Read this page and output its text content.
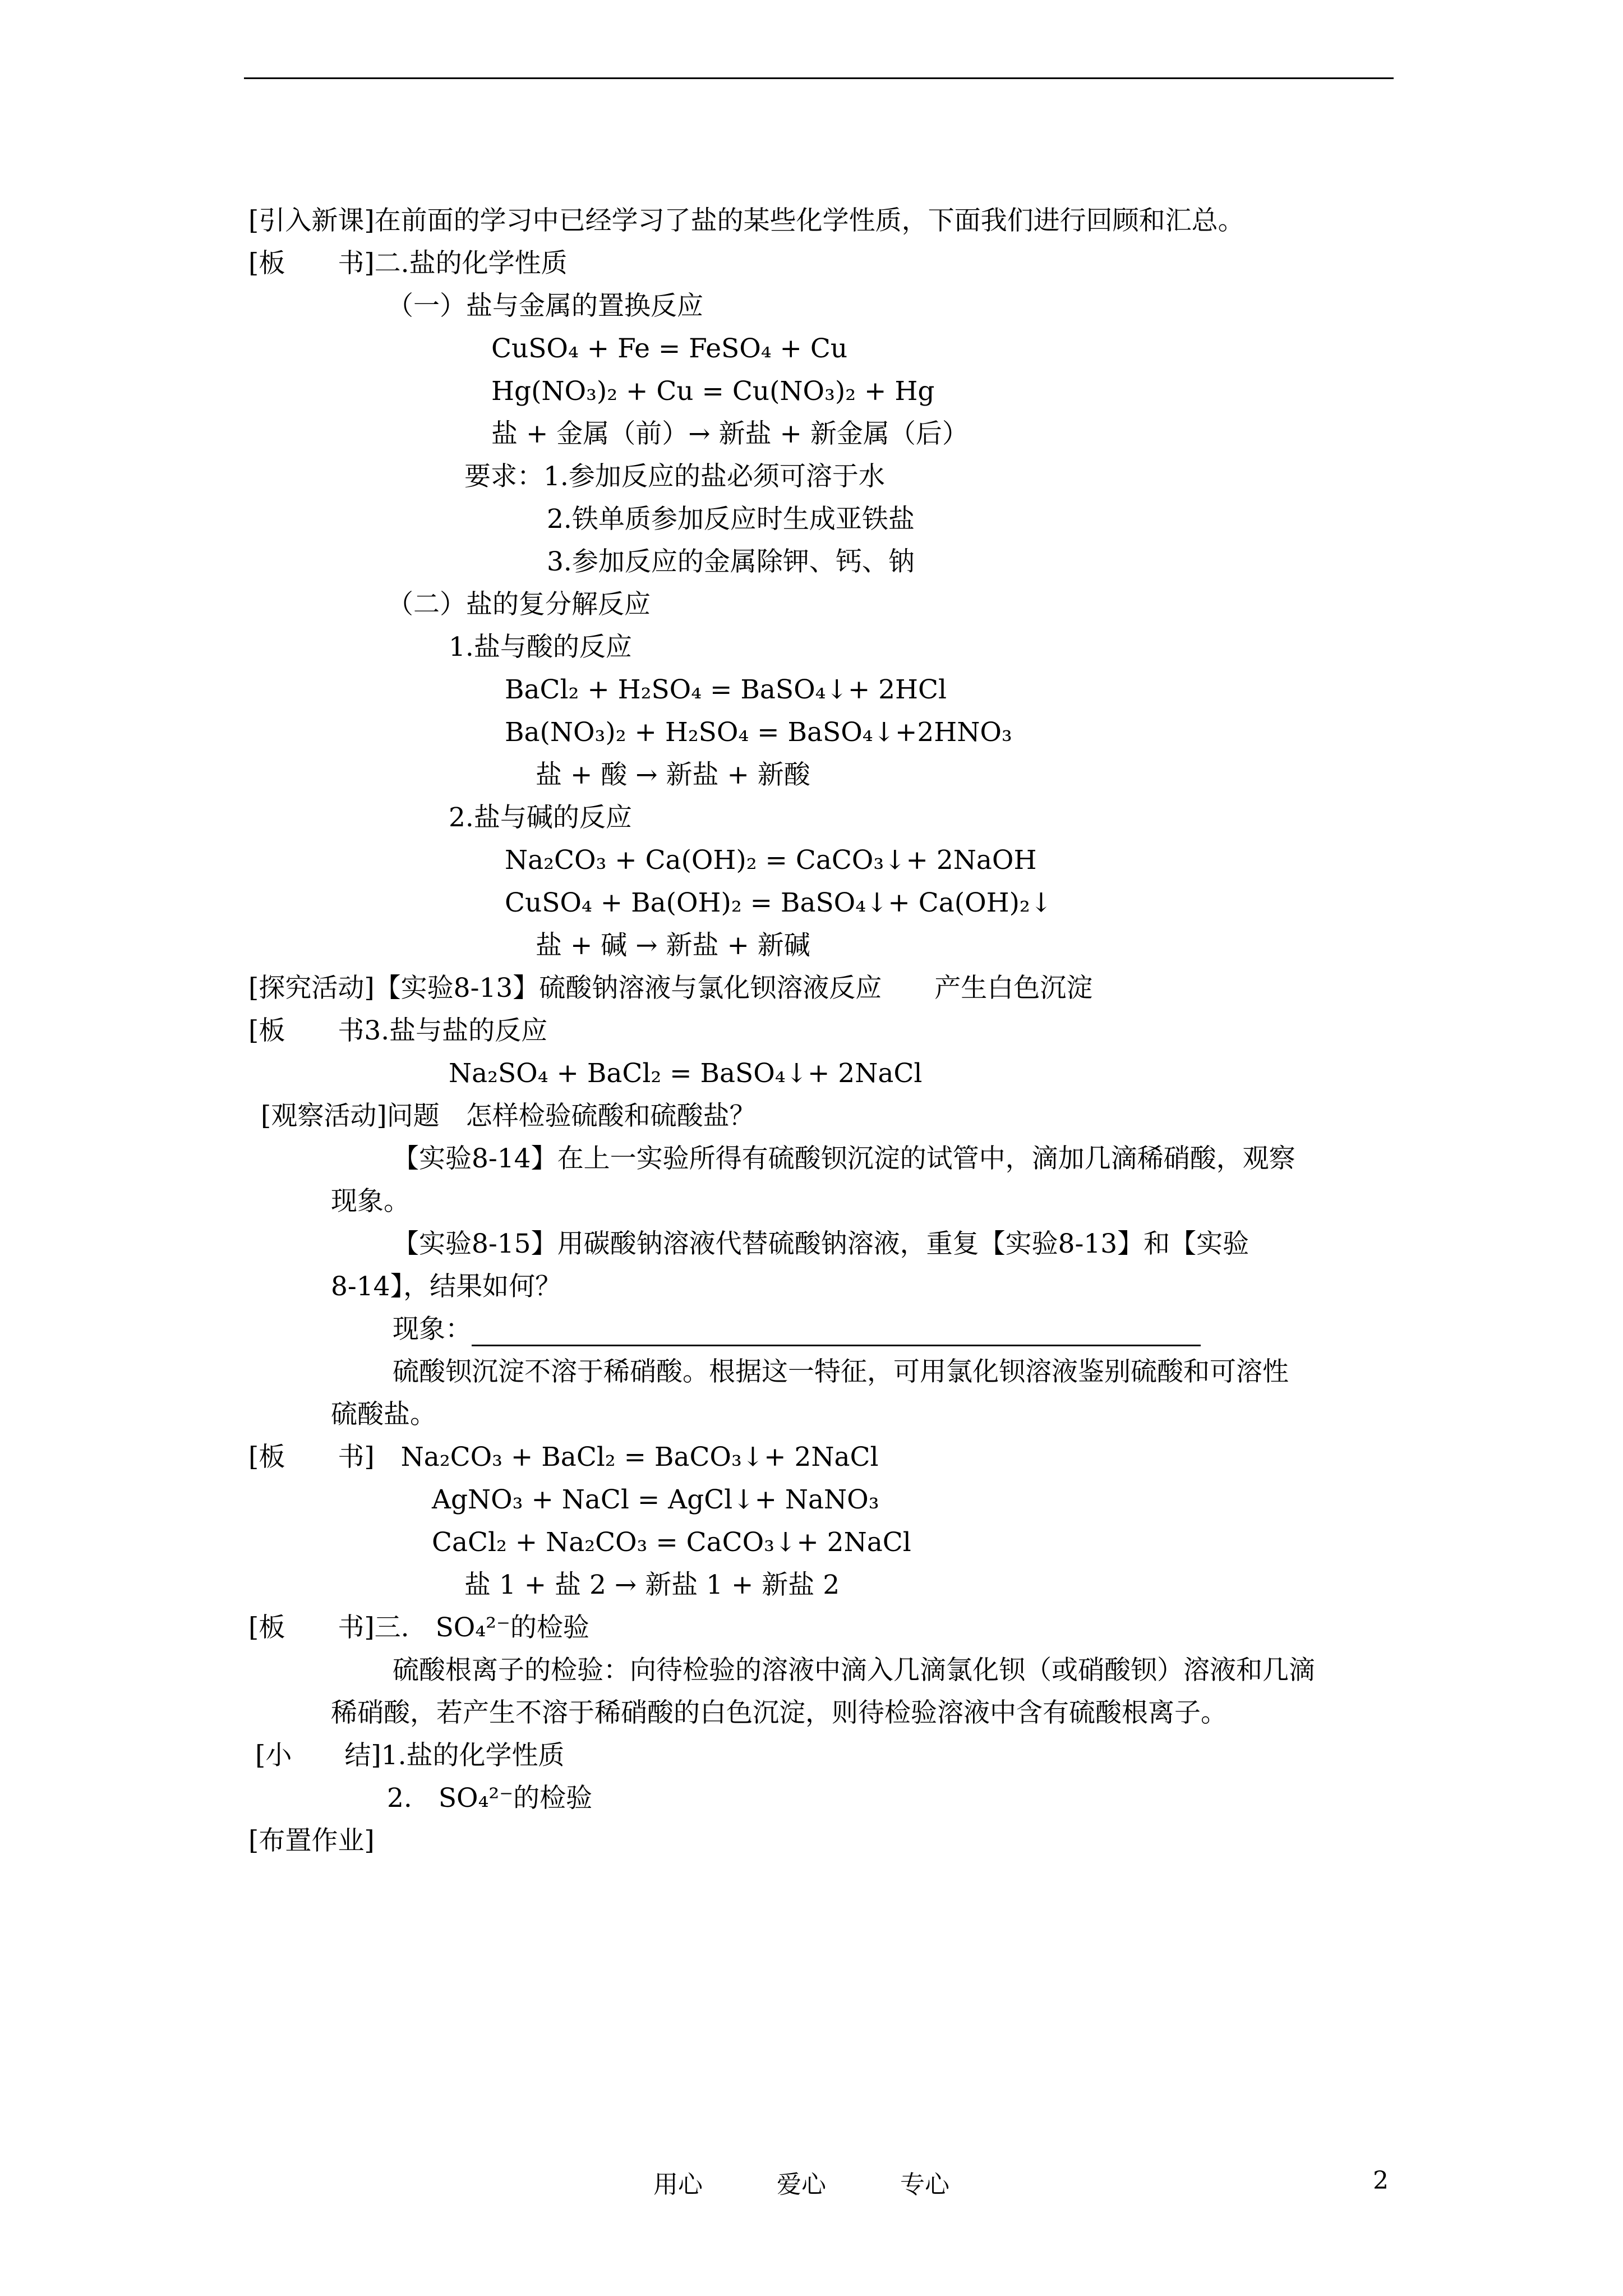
[引入新课]在前面的学习中已经学习了盐的某些化学性质，下面我们进行回顾和汇总。
[板　　书]二.盐的化学性质
（一）盐与金属的置换反应
CuSO₄ + Fe = FeSO₄ + Cu
Hg(NO₃)₂ + Cu = Cu(NO₃)₂ + Hg
盐 + 金属（前）→ 新盐 + 新金属（后）
要求：1.参加反应的盐必须可溶于水
2.铁单质参加反应时生成亚铁盐
3.参加反应的金属除钾、钙、钠
（二）盐的复分解反应
1.盐与酸的反应
BaCl₂ + H₂SO₄ = BaSO₄↓+ 2HCl
Ba(NO₃)₂ + H₂SO₄ = BaSO₄↓+2HNO₃
盐 + 酸 → 新盐 + 新酸
2.盐与碱的反应
Na₂CO₃ + Ca(OH)₂ = CaCO₃↓+ 2NaOH
CuSO₄ + Ba(OH)₂ = BaSO₄↓+ Ca(OH)₂↓
盐 + 碱 → 新盐 + 新碱
[探究活动]【实验8-13】硫酸钠溶液与氯化钡溶液反应　　产生白色沉淀
[板　　书3.盐与盐的反应
Na₂SO₄ + BaCl₂ = BaSO₄↓+ 2NaCl
[观察活动]问题　怎样检验硫酸和硫酸盐？
【实验8-14】在上一实验所得有硫酸钡沉淀的试管中，滴加几滴稀硝酸，观察
现象。
【实验8-15】用碳酸钠溶液代替硫酸钠溶液，重复【实验8-13】和【实验
8-14】，结果如何？
现象：
硫酸钡沉淀不溶于稀硝酸。根据这一特征，可用氯化钡溶液鉴别硫酸和可溶性
硫酸盐。
[板　　书]　Na₂CO₃ + BaCl₂ = BaCO₃↓+ 2NaCl
AgNO₃ + NaCl = AgCl↓+ NaNO₃
CaCl₂ + Na₂CO₃ = CaCO₃↓+ 2NaCl
盐 1 + 盐 2 → 新盐 1 + 新盐 2
[板　　书]三.　SO₄²⁻的检验
硫酸根离子的检验：向待检验的溶液中滴入几滴氯化钡（或硝酸钡）溶液和几滴
稀硝酸，若产生不溶于稀硝酸的白色沉淀，则待检验溶液中含有硫酸根离子。
[小　　结]1.盐的化学性质
2.　SO₄²⁻的检验
[布置作业]
用心　　　爱心　　　专心	2
